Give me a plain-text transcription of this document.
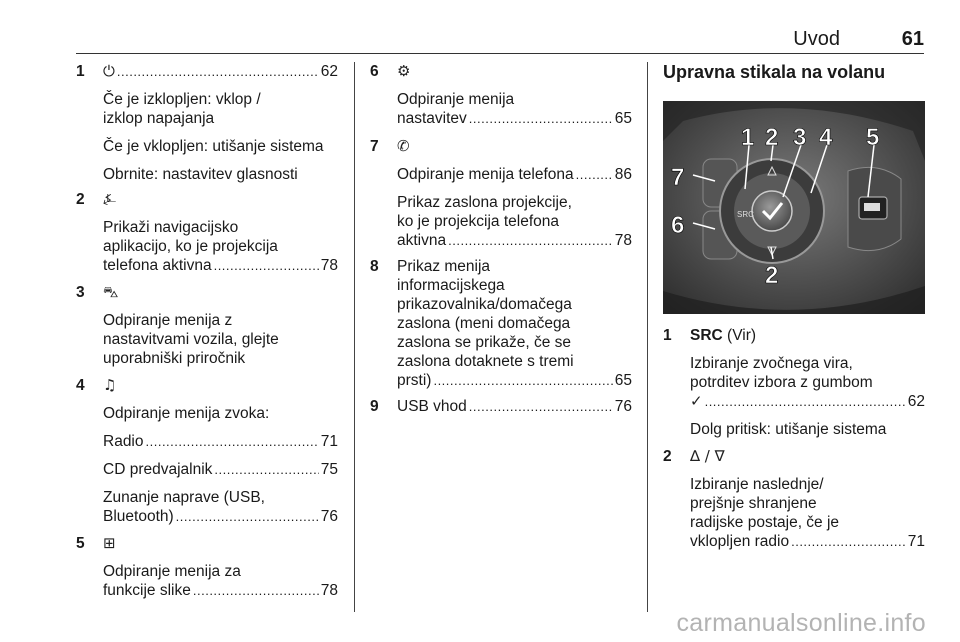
Uvod	61
1 ⏻ .....	62
Če je izklopljen: vklop /
izklop napajanja
Če je vklopljen: utišanje sistema
Obrnite: nastavitev glasnosti
2 ⍼
Prikaži navigacijsko
aplikacijo, ko je projekcija
telefona aktivna .....	78
3 ⛍
Odpiranje menija z
nastavitvami vozila, glejte
uporabniški priročnik
4 ♫
Odpiranje menija zvoka:
Radio .....	71
CD predvajalnik .....	75
Zunanje naprave (USB,
Bluetooth) .....	76
5 ⊞
Odpiranje menija za
funkcije slike .....	78
6 ⚙
Odpiranje menija
nastavitev .....	65
7 ✆
Odpiranje menija telefona .....	86
Prikaz zaslona projekcije,
ko je projekcija telefona
aktivna .....	78
8 Prikaz menija
informacijskega
prikazovalnika/domačega
zaslona (meni domačega
zaslona se prikaže, če se
zaslona dotaknete s tremi
prsti) .....	65
9 USB vhod .....	76
Upravna stikala na volanu
SRC
1 2 3 4 5
7
6
2
1 SRC (Vir)
Izbiranje zvočnega vira,
potrditev izbora z gumbom
✓ .....	62
Dolg pritisk: utišanje sistema
2 ∆ / ∇
Izbiranje naslednje/
prejšnje shranjene
radijske postaje, če je
vklopljen radio .....	71
carmanualsonline.info
